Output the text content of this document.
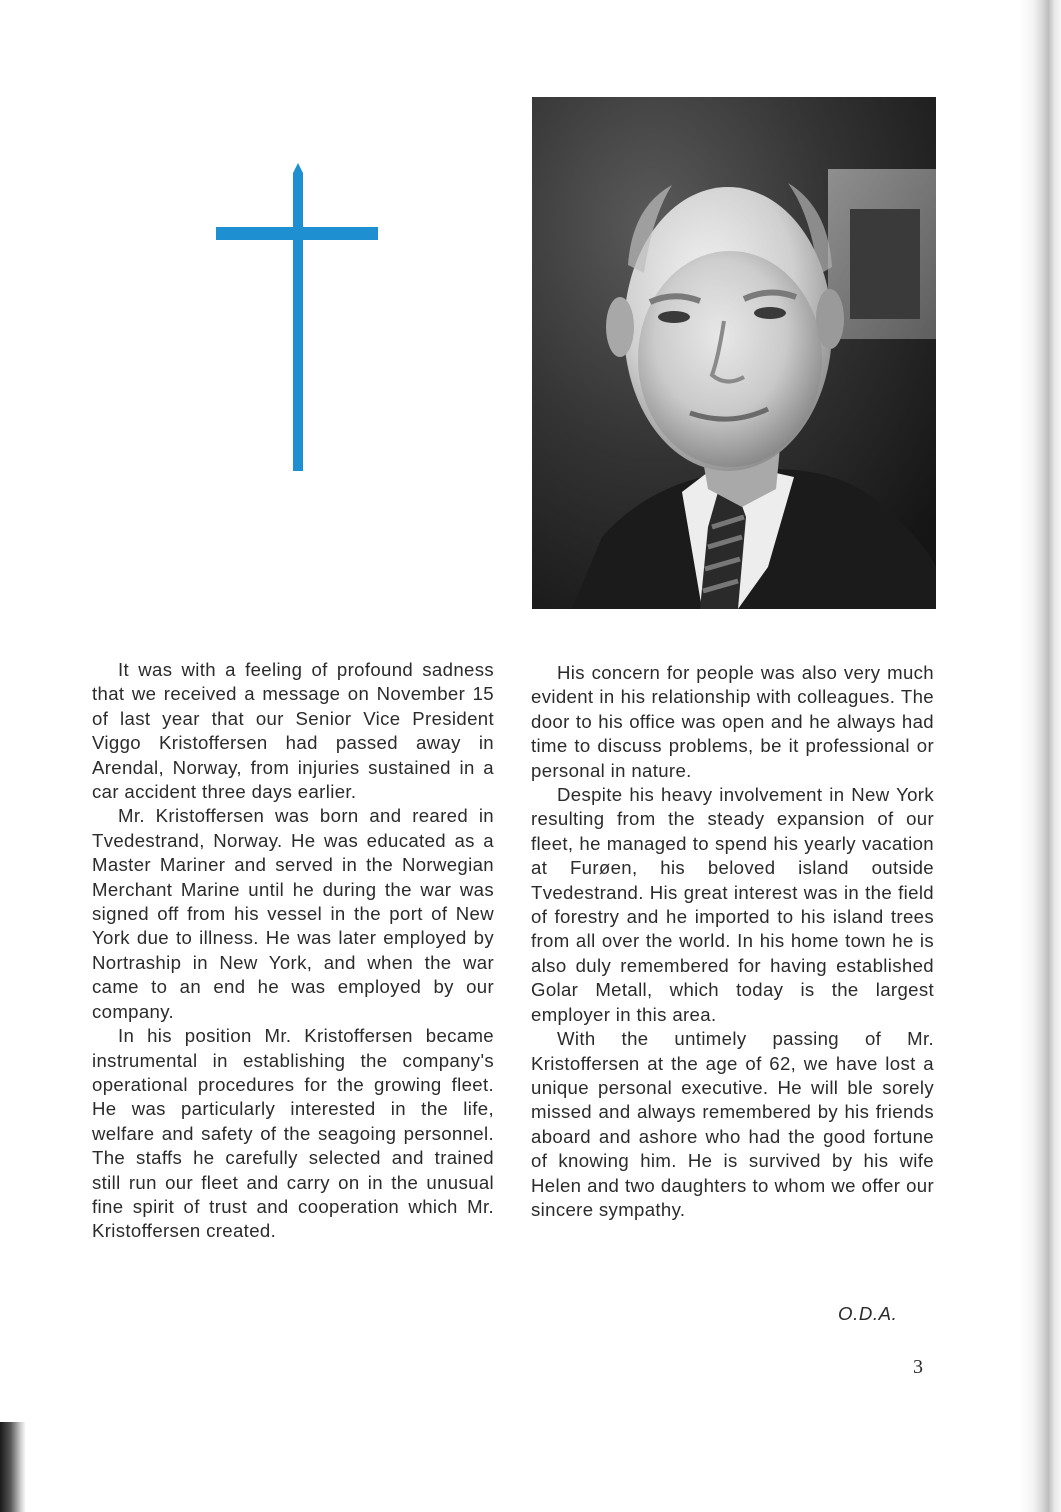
It was with a feeling of profound sadness that we received a message on November 15 of last year that our Senior Vice President Viggo Kristoffersen had passed away in Arendal, Norway, from injuries sustained in a car accident three days earlier.

Mr. Kristoffersen was born and reared in Tvedestrand, Norway. He was educated as a Master Mariner and served in the Norwegian Merchant Marine until he during the war was signed off from his vessel in the port of New York due to illness. He was later employed by Nortraship in New York, and when the war came to an end he was employed by our company.

In his position Mr. Kristoffersen became instrumental in establishing the company's operational procedures for the growing fleet. He was particularly interested in the life, welfare and safety of the seagoing personnel. The staffs he carefully selected and trained still run our fleet and carry on in the unusual fine spirit of trust and cooperation which Mr. Kristoffersen created.

His concern for people was also very much evident in his relationship with colleagues. The door to his office was open and he always had time to discuss problems, be it professional or personal in nature.

Despite his heavy involvement in New York resulting from the steady expansion of our fleet, he managed to spend his yearly vacation at Furøen, his beloved island outside Tvedestrand. His great interest was in the field of forestry and he imported to his island trees from all over the world. In his home town he is also duly remembered for having established Golar Metall, which today is the largest employer in this area.

With the untimely passing of Mr. Kristoffersen at the age of 62, we have lost a unique personal executive. He will ble sorely missed and always remembered by his friends aboard and ashore who had the good fortune of knowing him. He is survived by his wife Helen and two daughters to whom we offer our sincere sympathy.

O.D.A.
3
